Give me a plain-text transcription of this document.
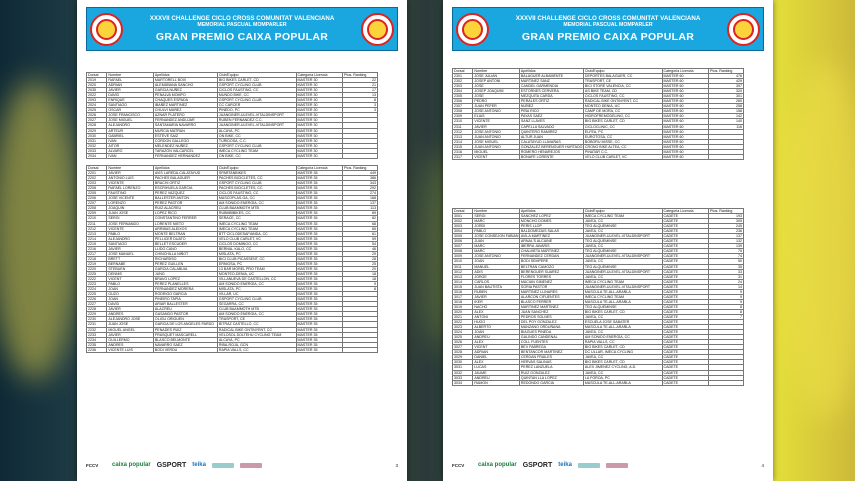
XXXVII CHALLENGE CICLO CROSS COMUNITAT VALENCIANA
MEMORIAL PASCUAL MOMPARLER
GRAN PREMIO CAIXA POPULAR
Dorsal	Nombre	Apellidos	Club/Equipo	Categoría Licencia	Ptos. Ranking
2019	RAFAEL	MARTORELL BOIX	BIG BIKES CARLET, CD	MASTER 30	22
2020	ADRIAN	ALEMÁÑANA SANCHO	GSPORT CYCLING CLUB	MASTER 30	21
2035	JAVIER	GARCIA NUÑEZ	CICLOS FAUSTINO, CC	MASTER 30	17
2022	DAVID	PENALVA MOMPO	MUNDO BIKE, CC	MASTER 30	13
2093	ENRIQUE	CHAQUES ESPADA	GSPORT CYCLING CLUB	MASTER 30	8
2024	SANTIAGO	IBAÑEZ MARTINEZ	CC CARCER	MASTER 30	3
2025	OSCAR	CHULVI MAÑEZ	PINEDO, PC	MASTER 30	3
2026	JOSE FRANCISCO	AZNAR PLATERO	JUANGINER-ULEVEL-VITALDINSPORT	MASTER 30	
2027	JOSE MIGUEL	FERNANDEZ ANDUJAR	RUBEN FERNANDEZ C.C.	MASTER 30	
2028	ALEJANDRO	SANTAMARIA NAVARRO	JUANGINER-ULEVEL-VITALDINSPORT	MASTER 30	
2029	ARTEUR	MURCIA MATRAN	ALCAYA, PC	MASTER 30	
2030	GABRIEL	ESTEVE SAIZ	ON BIKE, CC	MASTER 30	
2031	IVAN	CORDON GALLEGO	TURIDOSA, C.C.	MASTER 30	
2032	AITOR	MELENDEZ NUÑEZ	GSPORT CYCLING CLUB	MASTER 30	
2033	ALVARO	TARAZON VALCARCEL	IMECA CYCLING TEAM	MASTER 30	
2034	IVAN	FERNANDEZ HERNANDEZ	ON BIKE, CC	MASTER 30	
Dorsal	Nombre	Apellidos	Club/Equipo	Categoría Licencia	Ptos. Ranking
2201	JAVIER	AVIS LAREDA-CALATAYUD	SPARTANBIKES	MASTER 35	449
2202	ANTONIO LUIS	PACHES BALAGUER	PACHES BICICLETES, CC	MASTER 35	386
2203	VICENTE	BRACHI ORTIZ	GSPORT CYCLING CLUB	MASTER 35	343
2208	RAFAEL LORENZO	ESCRIHUELA GARCIA	PACHES BICICLETES, CC	MASTER 35	292
2205	FAUSTINO	PEREZ VAZQUEZ	CICLOS FAUSTINO, CC	MASTER 35	274
2206	JOSE VICENTE	BALLESTER ANTON	MASCOPLAS-GA, CC	MASTER 35	168
2207	LORENZO	PEREZ PASTOR	AM SONIDO ENERGÍA, CC	MASTER 35	137
2208	JOAQUIN	RUIZ ALACREU	CLUB BAAMMOTH MTB	MASTER 35	113
2209	JUAN JOSE	LOPEZ RICO	RUBMBIBIKES, CC	MASTER 35	89
2210	SERGI	CONSTANTINO FERRER	SERACE, CC	MASTER 35	82
2211	JOSE FERNANDO	LORENTE NIETO	IMECA CYCLING TEAM	MASTER 35	68
2212	VICENTE	ARRIBAS ALEIXOS	IMECA CYCLING TEAM	MASTER 35	65
2213	PABLO	MONTE BELTRAN	BTT CICLODESAFIANDA, CC	MASTER 35	61
2214	ALEJANDRO	PELLICER DUATO	VELO CLUB CARLET, VC	MASTER 35	59
2215	SANTIAGO	BELLET ESCUDER	CICLOS DOMINGO, CC	MASTER 35	54
2216	JAVIER	LLIDO CANO	BERNIA- KALO, CC	MASTER 35	46
2217	JOSE MANUEL	CHINCHILLA NIÑOT	MISLATA, PC	MASTER 35	29
2218	BRETT	RICHARDSO	BICI CLUB PICASSENT, CC	MASTER 35	28
2219	BERNABE	PEREZ GUILLEN	ERNIOSA, PC	MASTER 35	25
2220	STEBUEN	GARCIA CALABUIA	13 BAR MOREL PRO TEAM	MASTER 35	20
2225	DENNIS	JUNG	MONTEO-DENIA, UC	MASTER 35	18
2222	VICENT	BRAVO LOPEZ	VILLANUEVA DE CASTELLON, CC	MASTER 35	18
2223	PABLO	PEREZ PLANELLES	AM SONIDO ENERGÍA, CC	MASTER 35	9
2224	JOAN	FERNANDEZ MORERA	MISLATA, PC	MASTER 35	8
2225	GUZO	RODRIGO GARCIA	VILLAR, UC	MASTER 35	
2226	JOAN	PINEIRO TAPIA	GSPORT CYCLING CLUB	MASTER 35	
2227	DAVID	ARIAR BALLESTER	SEGARRA, CC	MASTER 35	
2228	JAVIER	ALACREU	CLUB BAAMMOTH MTB	MASTER 35	
2229	ANDRES	GASANDO PASTOR	AM SONIDO ENERGÍA, CC	MASTER 35	
2230	ALEJANDRO JOSE	OLIGU ORIGUEN	TRASPORT, CE	MASTER 35	
2231	JUAN JOSE	GARCIA DE LOS ANGELES PARDO	BITRAZ CASTELLO, CC	MASTER 35	
2232	MIGUEL ANGEL	PENADES RUIZ	RADICAL BIKE ONTINYENT, CC	MASTER 35	
2233	JAVIER	FRASQUET MASCARELL	VELOSOL DOLTEHU CYCLING TEAM	MASTER 35	
2234	GUILLERMO	BLASCO BELMONTE	ALCAYA, PC	MASTER 35	
2235	ANDRES	NAVARRO SAEZ	RIBA-ROJA, GCN	MASTER 35	
2236	VICENTE LUIS	BODI VERDU	RAPIA VALLS, CC	MASTER 35	
FCCV	caixa popular GSPORT teika	3
XXXVII CHALLENGE CICLO CROSS COMUNITAT VALENCIANA
MEMORIAL PASCUAL MOMPARLER
GRAN PREMIO CAIXA POPULAR
Dorsal	Nombre	Apellidos	Club/Equipo	Categoría Licencia	Ptos. Ranking
2301	JOSE JULIAN	BALAGUER ALBAMENTE	DEPORTES BALAGUER, CC	MASTER 60	476
2302	JOSEP ANTONI	MARTINEZ SANZ	TRASPORT, CE	MASTER 60	429
2303	JOSE	CANDEL GARMENDIA	BICI STORE VALENCIA, CC	MASTER 60	397
2304	JOSEP JOAQUIM	ESTORNES CERVERA	AS BIKE TEAM, CD	MASTER 60	320
2305	JOSE	MEZQUITA CARDA	CICLOS FAUSTINO, CC	MASTER 60	301
2306	PEDRO	PERALES ORTIZ	RADICAL BIKE ONTINYENT, CC	MASTER 60	280
2307	JUAN PEFER	NUÑEZ	MONTEO DENIA, UC	MASTER 60	258
2308	JOSE ANTONIO	PIÑA RICO	CAMP DE MORA, CC	MASTER 60	158
2309	ELIAS	PAYAS SAEZ	HIDROFREMODELING, CC	MASTER 60	142
2310	VICENTE	SANZ LLAVES	BIG BIKES CARLET, CD	MASTER 60	140
2311	JAVIER	CAPELLA SALVADO	CICLOCLINIC, CC	MASTER 60	116
2312	JOSE ANTONIO	QUINTERO RAMIREZ	ELFEA, PC	MASTER 60	
2313	JUAN ANTONIO	ALTUR JUAN	EUROTOSA, CC	MASTER 60	
2314	JOSE MIGUEL	CALATAYUD LLAVAÑAS	BOBORU MISSE, CC	MASTER 60	
2315	JUAN ANTONIO	GONZALEZ BERENGUER HURTADO	CRONO BIKE ALTEA, CC	MASTER 60	
2316	MIGUEL	ROMERO HENAREJOS	PINATAR C.C.	MASTER 60	
2317	VICENT	BONAFE LORENTE	VELO CLUB CARLET, VC	MASTER 60	
Dorsal	Nombre	Apellidos	Club/Equipo	Categoría Licencia	Ptos. Ranking
3001	SERGI	SANCHEZ LOPEZ	IMECA CYCLING TEAM	CADETE	193
3002	MARC	MONCHO DOMES	JAVEA, CC	CADETE	305
3003	JORDI	PERIS LLOP	TEG ALQUEMINSE	CADETE	245
3004	PABLO	BALDOMEZAIS SALAS	JAVEA, CC	CADETE	236
3005	JOSE CONSEJON FABIAN	AVILA MARTINEZ	JUANGINER-ULEVEL-VITALDINSPORT	CADETE	137
3006	JUAN	ARNAL'S ALCAINE	TEG ALQUEMINSE	CADETE	132
3007	MARC	IBERRA JAVARIS	JAVEA, CC	CADETE	139
3008	MARC	CHALMETA MARTINEZ	TEG ALQUEMINSE	CADETE	75
3009	JOSE ANTONIO	FERNANDEZ CERDAN	JUANGINER-ULEVEL-VITALDINSPORT	CADETE	74
3010	JOAN	BODI SEMPERE	JAVEA, CC	CADETE	50
3011	MANUEL	BELTRAN CAMOZO	TEG ALQUEMINSE	CADETE	35
3012	ADIS	BERENGUER SUAREZ	JUANGINER-ULEVEL-VITALDINSPORT	CADETE	33
3013	JORGE	FLORES TORRES	JAVEA, CC	CADETE	31
3014	CARLOS	MACIAN GIMENEZ	IMECA CYCLING TEAM	CADETE	24
3015	JUAN BAUTISTA	SORIA PASTOR	JUANGINER-ULEVEL-VITALDINSPORT	CADETE	14
3016	RUBEN	MARTINEZ LLINARES	MASCULA TE-ALL-ARAÑLA	CADETE	9
3017	JAVIER	ALARCON CIFUENTES	IMECA CYCLING TEAM	CADETE	9
3018	IKER	BLASCO FERRER	MASCULA TE-ALL-ARAÑLA	CADETE	9
3019	NACHO	MARTINEZ MARTINEZ	TEG ALQUEMINSE	CADETE	8
3020	ALEX	JUAN SANCHEZ	BIG BIKES CARLET, CD	CADETE	8
3021	ANTONI	PEDROS SOLNES	JAVEA, CC	CADETE	7
3022	HUGO	DEL POY GONZALEZ	ESCUELA JOSE SABATER	CADETE	
3023	ALBERTO	MANZANO ORDUÑANA	MASCULA TE-ALL-ARAÑLA	CADETE	
3024	JOAN	BIAGUES PINEDA	JAVEA, CC	CADETE	
3025	ANDREU	GALINDO CANDENAL	AM SONIDO ENERGÍA, CC	CADETE	
3026	ALEX	COLL FUENTES	RAPIA VALLS, CC	CADETE	
3027	VICENT	BEV FABREGA	BIG BIKES CARLET, CD	CADETE	
3028	ADRIAN	BENTANCOR MARTINEZ	DC ULLAR- IMECA CYCLING	CADETE	
3029	DANIEL	CERDAN FRAILES	JAVEA, CC	CADETE	
3030	ALEX	HERVAS SALINAS	BIG BIKES CARLET, CD	CADETE	
3031	LUCAS	PEREZ LANZUELA	ALEX JIMENEZ CYCLING, A.D.	CADETE	
3032	JAUME	RUIZ GONZALEZ	JAVEA, CC	CADETE	
3033	ANDREU	QUINTAN LLA LOPEZ	LA FOROA, PC	CADETE	
3034	RAMON	REDONDO GARCIA	MASCULA TE-ALL-ARAÑLA	CADETE	
FCCV	caixa popular GSPORT teika	4
